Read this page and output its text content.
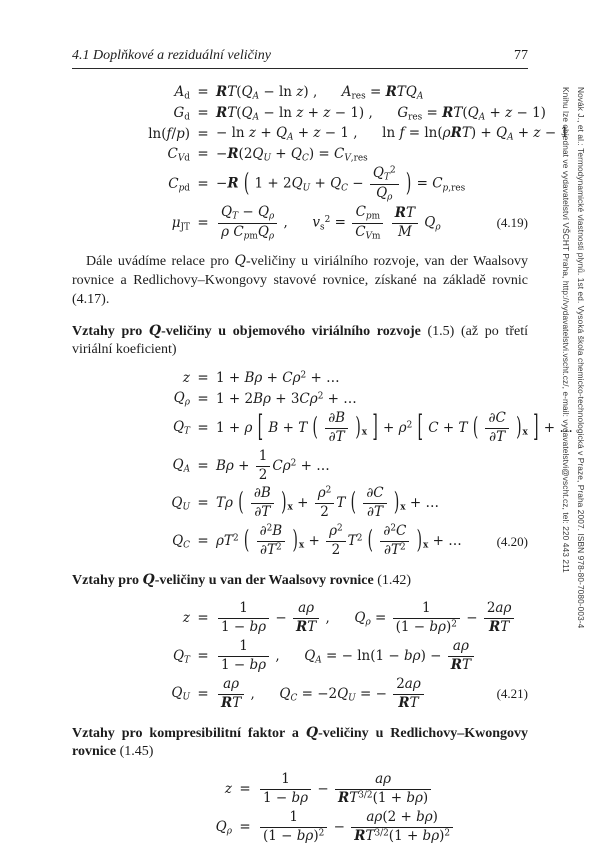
4.1 Doplňkové a reziduální veličiny	77
$A_d = RT(Q_A - \ln z)$ , $A_{res} = RTQ_A$
$G_d = RT(Q_A - \ln z + z - 1)$ , $G_{res} = RT(Q_A + z - 1)$
ln(f/p) = − $\ln z + Q_A + z - 1$ , $\ln f = \ln(\rho RT) + Q_A + z - 1$
$C_{Vd} = -R(2Q_U + Q_C) = C_{V,res}$
$C_{pd} = -R$ ( $1 + 2Q_U + Q_C - \frac{Q_T^2}{Q_\rho}$ ) = $C_{p,res}$
$\mu_{JT} = \frac{Q_T - Q_\rho}{\rho C_{pm}Q_\rho}$ , $v_s^2 = \frac{C_{pm}}{C_{Vm}}$
$\frac{RT}{M} Q_\rho$	(4.19)

Dále uvádíme relace pro Q-veličiny u viriálního rozvoje, van der Waalsovy rovnice a Redlichovy–Kwongovy stavové rovnice, získané na základě rovnic (4.17).

Vztahy pro Q-veličiny u objemového viriálního rozvoje (1.5) (až po třetí viriální koeficient)

$z = 1 + B\rho + C\rho^2$ + …
$Q_\rho = 1 + 2B\rho + 3C\rho^2$ + …
$Q_T = 1 + \rho$ [ B + T ( $\frac{\partial B}{\partial T} )_x$ ] + $\rho^2$ [ C + T ( $\frac{\partial C}{\partial T} )_x$ ] + …
$Q_A = B\rho + \frac{1}{2} C\rho^2$ + …
$Q_U = T\rho$ ( $\frac{\partial B}{\partial T} )_x + \frac{\rho^2}{2}$ T ( $\frac{\partial C}{\partial T} )_x$ + …
$Q_C = \rho T^2$ ( $\frac{\partial^2B}{\partial T^2} )_x + \frac{\rho^2}{2} T^2$ ( $\frac{\partial^2C}{\partial T^2} )_x$ + …	(4.20)

Vztahy pro Q-veličiny u van der Waalsovy rovnice (1.42)

$z = \frac{1}{1 - b\rho} - \frac{a\rho}{RT}$ , $Q_\rho = \frac{1}{(1 - b\rho)^2} - \frac{2a\rho}{RT}$
$Q_T = \frac{1}{1 - b\rho}$ , $Q_A$ = − $\ln(1 - b\rho) - \frac{a\rho}{RT}$
$Q_U = \frac{a\rho}{RT}$ , $Q_C = -2Q_U$ = − $\frac{2a\rho}{RT}$	(4.21)

Vztahy pro kompresibilitní faktor a Q-veličiny u Redlichovy–Kwongovy rovnice (1.45)

$z = \frac{1}{1 - b\rho} - \frac{a\rho}{RT^{3/2}(1 + b\rho)}$
$Q_\rho = \frac{1}{(1 - b\rho)^2} - \frac{a\rho(2 + b\rho)}{RT^{3/2}(1 + b\rho)^2}$
Novák J., et al.: Termodynamické vlastnosti plynů. 1st ed. Vysoká škola chemicko-technologická v Praze, Praha 2007. ISBN 978-80-7080-003-4
Knihu lze objednat ve vydavatelství VŠCHT Praha, http://vydavatelstvi.vscht.cz/, e-mail: vydavatelstvi@vscht.cz, tel: 220 443 211
